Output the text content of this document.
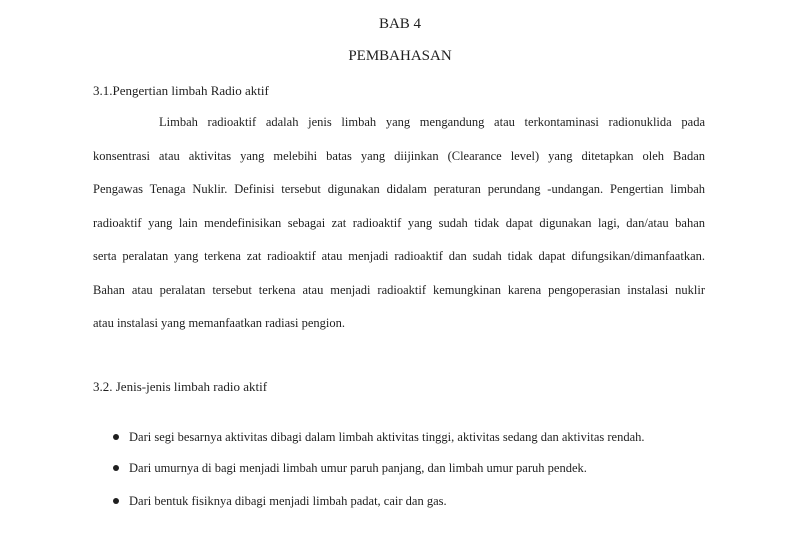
BAB 4
PEMBAHASAN
3.1.Pengertian limbah Radio aktif
Limbah radioaktif adalah jenis limbah yang mengandung atau terkontaminasi radionuklida pada
konsentrasi atau aktivitas yang melebihi batas yang diijinkan (Clearance level) yang ditetapkan oleh Badan
Pengawas Tenaga Nuklir. Definisi tersebut digunakan didalam peraturan perundang -undangan. Pengertian limbah
radioaktif yang lain mendefinisikan sebagai zat radioaktif yang sudah tidak dapat digunakan lagi, dan/atau bahan
serta peralatan yang terkena zat radioaktif atau menjadi radioaktif dan sudah tidak dapat difungsikan/dimanfaatkan.
Bahan atau peralatan tersebut terkena atau menjadi radioaktif kemungkinan karena pengoperasian instalasi nuklir
atau instalasi yang memanfaatkan radiasi pengion.
3.2. Jenis-jenis limbah radio aktif
Dari segi besarnya aktivitas dibagi dalam limbah aktivitas tinggi, aktivitas sedang dan aktivitas rendah.
Dari umurnya di bagi menjadi limbah umur paruh panjang, dan limbah umur paruh pendek.
Dari bentuk fisiknya dibagi menjadi limbah padat, cair dan gas.
